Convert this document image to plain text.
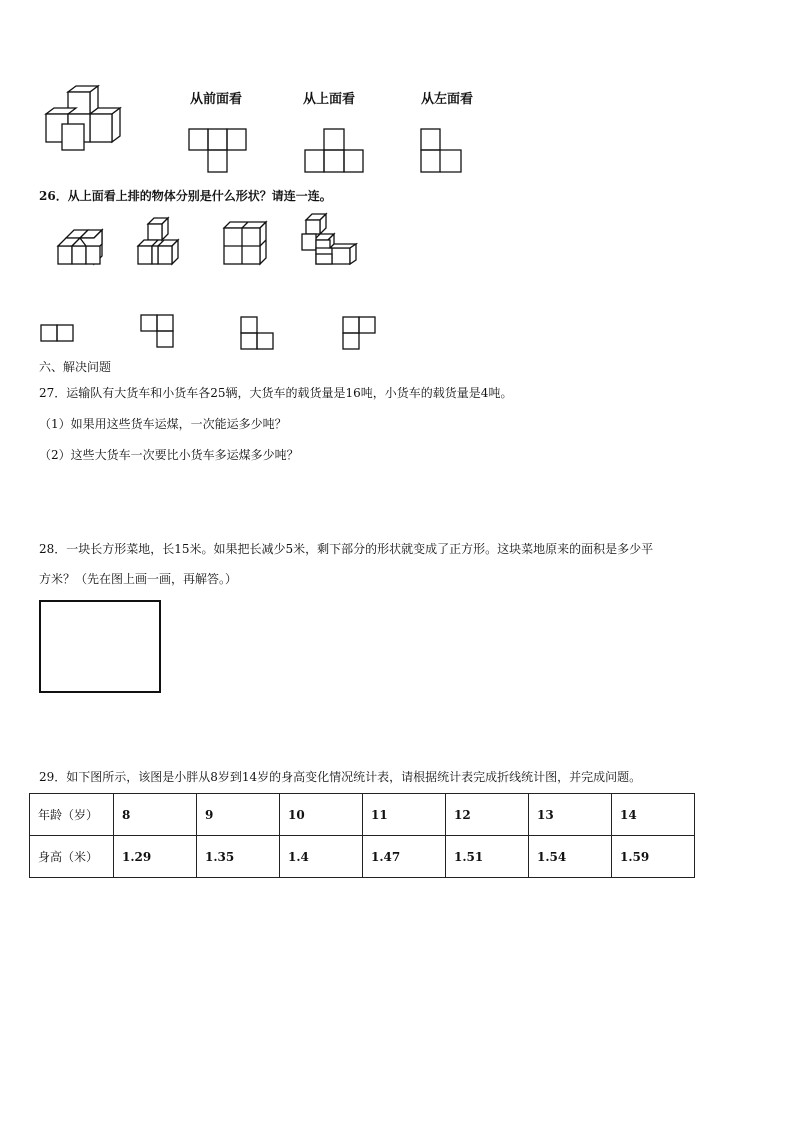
从前面看	从上面看	从左面看
26．从上面看上排的物体分别是什么形状？请连一连。
六、解决问题
27．运输队有大货车和小货车各25辆，大货车的载货量是16吨，小货车的载货量是4吨。
（1）如果用这些货车运煤，一次能运多少吨？
（2）这些大货车一次要比小货车多运煤多少吨？
28．一块长方形菜地，长15米。如果把长减少5米，剩下部分的形状就变成了正方形。这块菜地原来的面积是多少平
方米？（先在图上画一画，再解答。）
29．如下图所示，该图是小胖从8岁到14岁的身高变化情况统计表，请根据统计表完成折线统计图，并完成问题。
年龄（岁）	8	9	10	11	12	13	14
身高（米）	1.29	1.35	1.4	1.47	1.51	1.54	1.59
